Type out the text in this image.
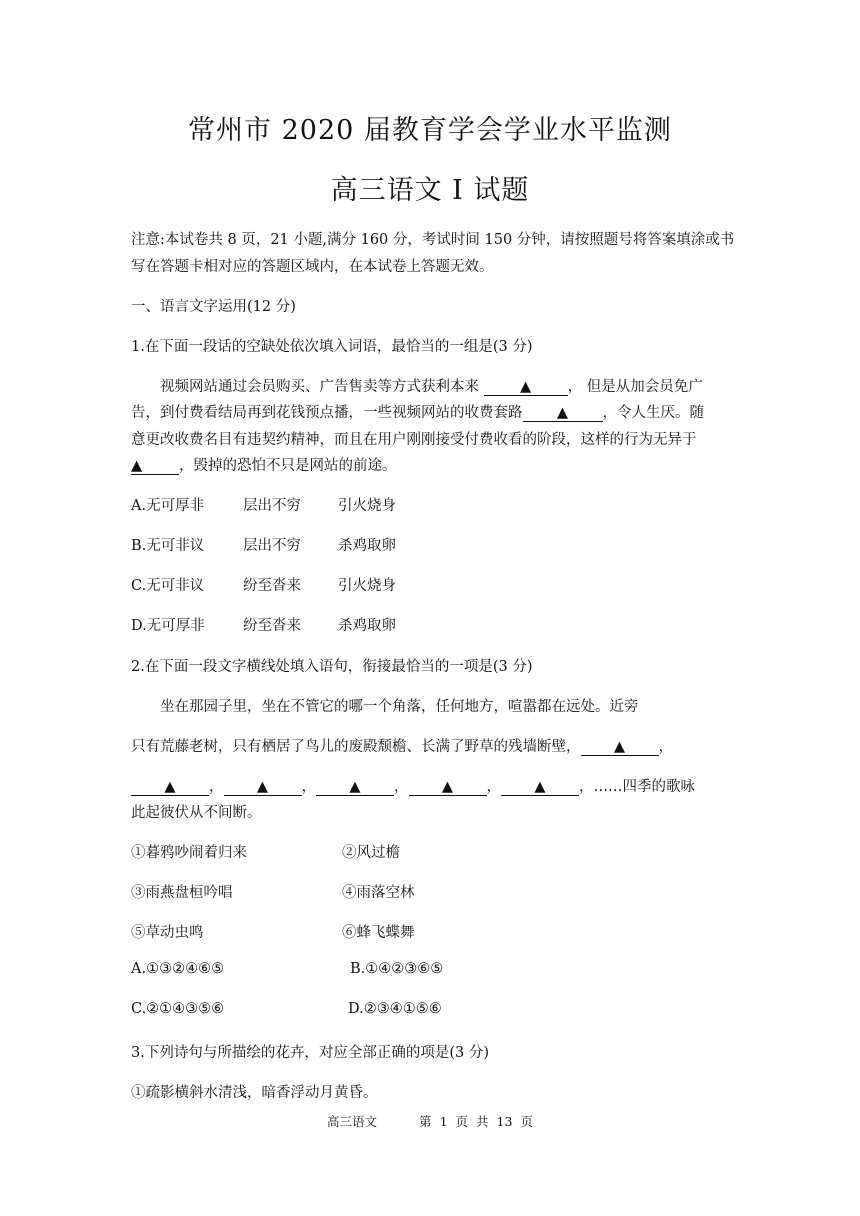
常州市 2020 届教育学会学业水平监测
高三语文 I 试题
注意:本试卷共 8 页，21 小题,满分 160 分，考试时间 150 分钟，请按照题号将答案填涂或书
写在答题卡相对应的答题区域内，在本试卷上答题无效。
一、语言文字运用(12 分)
1.在下面一段话的空缺处依次填入词语，最恰当的一组是(3 分)
视频网站通过会员购买、广告售卖等方式获利本来	▲	， 但是从加会员免广
告，到付费看结局再到花钱预点播，一些视频网站的收费套路 ▲ ，令人生厌。随
意更改收费名目有违契约精神，而且在用户刚刚接受付费收看的阶段，这样的行为无异于
▲	，毁掉的恐怕不只是网站的前途。
A.无可厚非	层出不穷	引火烧身
B.无可非议	层出不穷	杀鸡取卵
C.无可非议	纷至沓来	引火烧身
D.无可厚非	纷至沓来	杀鸡取卵
2.在下面一段文字横线处填入语句，衔接最恰当的一项是(3 分)
坐在那园子里，坐在不管它的哪一个角落，任何地方，喧嚣都在远处。近旁
只有荒藤老树，只有栖居了鸟儿的废殿颓檐、长满了野草的残墙断壁， ▲ ，
▲ ， ▲ ， ▲ ， ▲ ， ▲ ，……四季的歌咏
此起彼伏从不间断。
①暮鸦吵闹着归来	②风过檐
③雨燕盘桓吟唱	④雨落空林
⑤草动虫鸣	⑥蜂飞蝶舞
A.①③②④⑥⑤	B.①④②③⑥⑤
C.②①④③⑤⑥	D.②③④①⑤⑥
3.下列诗句与所描绘的花卉，对应全部正确的项是(3 分)
①疏影横斜水清浅，暗香浮动月黄昏。
高三语文	第 1 页 共 13 页
